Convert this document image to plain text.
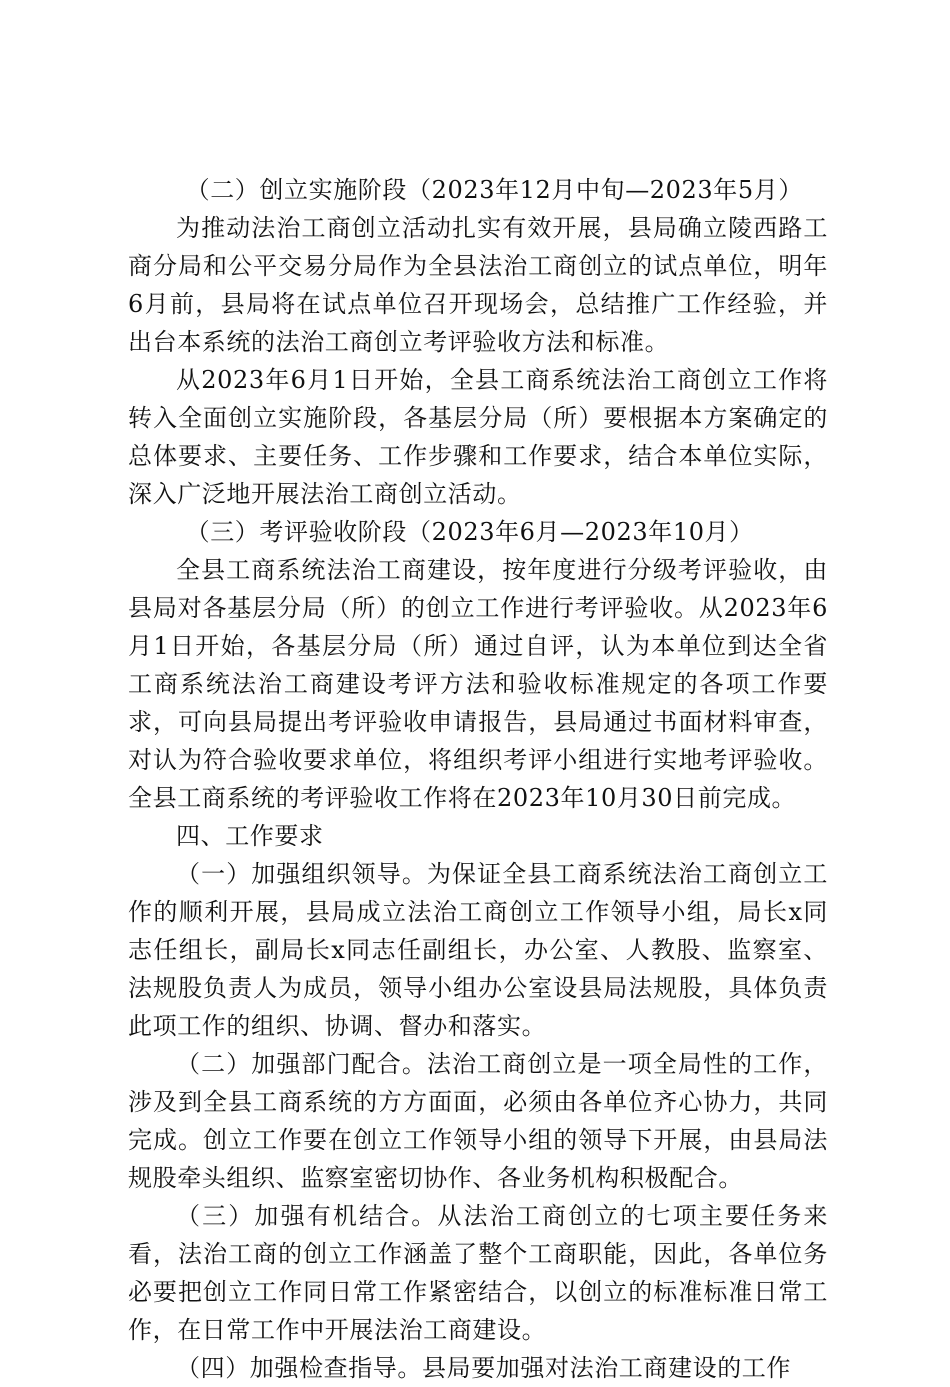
（二）创立实施阶段（2023年12月中旬—2023年5月）

为推动法治工商创立活动扎实有效开展，县局确立陵西路工商分局和公平交易分局作为全县法治工商创立的试点单位，明年6月前，县局将在试点单位召开现场会，总结推广工作经验，并出台本系统的法治工商创立考评验收方法和标准。

从2023年6月1日开始，全县工商系统法治工商创立工作将转入全面创立实施阶段，各基层分局（所）要根据本方案确定的总体要求、主要任务、工作步骤和工作要求，结合本单位实际，深入广泛地开展法治工商创立活动。

（三）考评验收阶段（2023年6月—2023年10月）

全县工商系统法治工商建设，按年度进行分级考评验收，由县局对各基层分局（所）的创立工作进行考评验收。从2023年6月1日开始，各基层分局（所）通过自评，认为本单位到达全省工商系统法治工商建设考评方法和验收标准规定的各项工作要求，可向县局提出考评验收申请报告，县局通过书面材料审查，对认为符合验收要求单位，将组织考评小组进行实地考评验收。全县工商系统的考评验收工作将在2023年10月30日前完成。

四、工作要求

（一）加强组织领导。为保证全县工商系统法治工商创立工作的顺利开展，县局成立法治工商创立工作领导小组，局长x同志任组长，副局长x同志任副组长，办公室、人教股、监察室、法规股负责人为成员，领导小组办公室设县局法规股，具体负责此项工作的组织、协调、督办和落实。

（二）加强部门配合。法治工商创立是一项全局性的工作，涉及到全县工商系统的方方面面，必须由各单位齐心协力，共同完成。创立工作要在创立工作领导小组的领导下开展，由县局法规股牵头组织、监察室密切协作、各业务机构积极配合。

（三）加强有机结合。从法治工商创立的七项主要任务来看，法治工商的创立工作涵盖了整个工商职能，因此，各单位务必要把创立工作同日常工作紧密结合，以创立的标准标准日常工作，在日常工作中开展法治工商建设。

（四）加强检查指导。县局要加强对法治工商建设的工作
